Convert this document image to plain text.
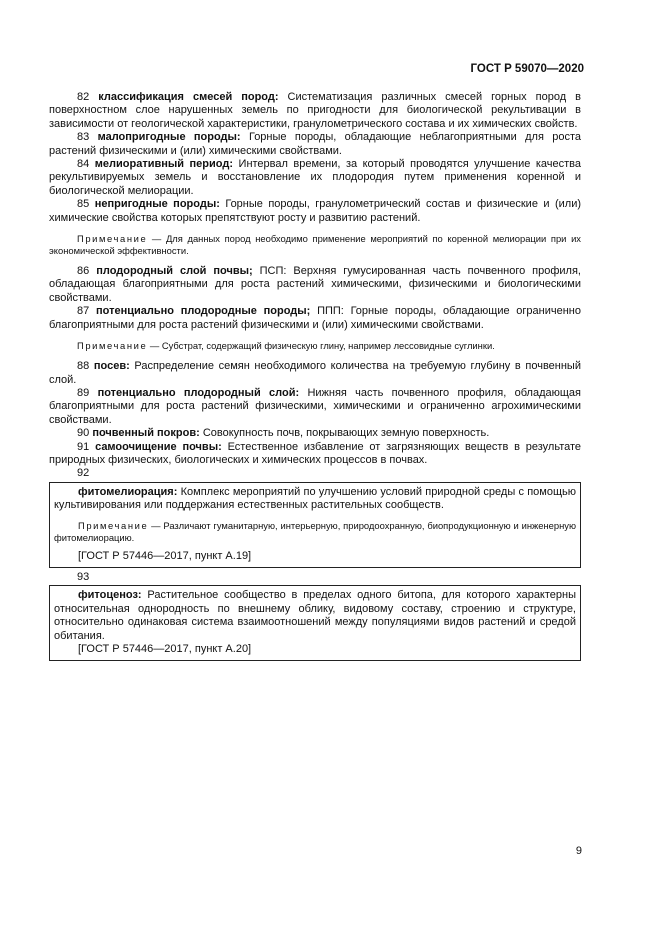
ГОСТ Р 59070—2020

82 классификация смесей пород: Систематизация различных смесей горных пород в поверхностном слое нарушенных земель по пригодности для биологической рекультивации в зависимости от геологической характеристики, гранулометрического состава и их химических свойств.

83 малопригодные породы: Горные породы, обладающие неблагоприятными для роста растений физическими и (или) химическими свойствами.

84 мелиоративный период: Интервал времени, за который проводятся улучшение качества рекультивируемых земель и восстановление их плодородия путем применения коренной и биологической мелиорации.

85 непригодные породы: Горные породы, гранулометрический состав и физические и (или) химические свойства которых препятствуют росту и развитию растений.

Примечание — Для данных пород необходимо применение мероприятий по коренной мелиорации при их экономической эффективности.

86 плодородный слой почвы; ПСП: Верхняя гумусированная часть почвенного профиля, обладающая благоприятными для роста растений химическими, физическими и биологическими свойствами.

87 потенциально плодородные породы; ППП: Горные породы, обладающие ограниченно благоприятными для роста растений физическими и (или) химическими свойствами.

Примечание — Субстрат, содержащий физическую глину, например лессовидные суглинки.

88 посев: Распределение семян необходимого количества на требуемую глубину в почвенный слой.

89 потенциально плодородный слой: Нижняя часть почвенного профиля, обладающая благоприятными для роста растений физическими, химическими и ограниченно агрохимическими свойствами.

90 почвенный покров: Совокупность почв, покрывающих земную поверхность.

91 самоочищение почвы: Естественное избавление от загрязняющих веществ в результате природных физических, биологических и химических процессов в почвах.

92

фитомелиорация: Комплекс мероприятий по улучшению условий природной среды с помощью культивирования или поддержания естественных растительных сообществ.

Примечание — Различают гуманитарную, интерьерную, природоохранную, биопродукционную и инженерную фитомелиорацию.

[ГОСТ Р 57446—2017, пункт А.19]

93

фитоценоз: Растительное сообщество в пределах одного битопа, для которого характерны относительная однородность по внешнему облику, видовому составу, строению и структуре, относительно одинаковая система взаимоотношений между популяциями видов растений и средой обитания.

[ГОСТ Р 57446—2017, пункт А.20]

9
